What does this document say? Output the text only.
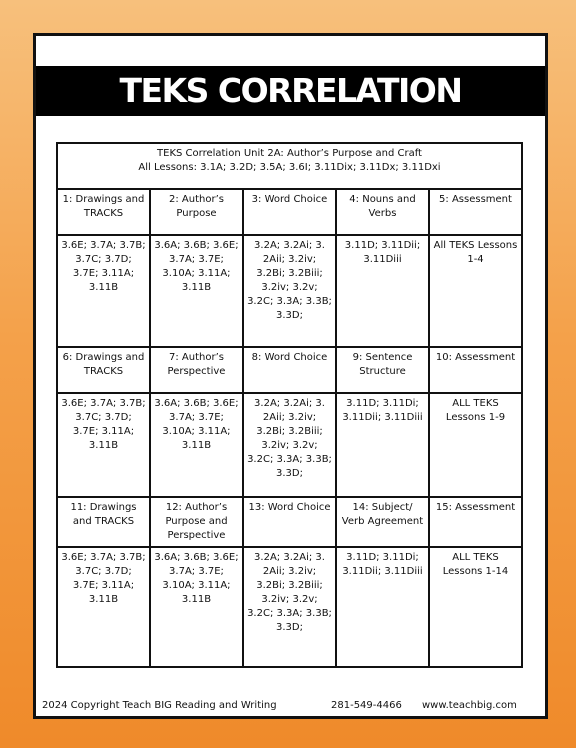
TEKS CORRELATION
TEKS Correlation Unit 2A: Author’s Purpose and Craft
All Lessons: 3.1A; 3.2D; 3.5A; 3.6I; 3.11Dix; 3.11Dx; 3.11Dxi				

1: Drawings and TRACKS	2: Author’s Purpose	3: Word Choice	4: Nouns and Verbs	5: Assessment
3.6E; 3.7A; 3.7B; 3.7C; 3.7D; 3.7E; 3.11A; 3.11B	3.6A; 3.6B; 3.6E; 3.7A; 3.7E; 3.10A; 3.11A; 3.11B	3.2A; 3.2Ai; 3. 2Aii; 3.2iv; 3.2Bi; 3.2Biii; 3.2iv; 3.2v; 3.2C; 3.3A; 3.3B; 3.3D;	3.11D; 3.11Dii; 3.11Diii	All TEKS Lessons 1-4
6: Drawings and TRACKS	7: Author’s Perspective	8: Word Choice	9: Sentence Structure	10: Assessment
3.6E; 3.7A; 3.7B; 3.7C; 3.7D; 3.7E; 3.11A; 3.11B	3.6A; 3.6B; 3.6E; 3.7A; 3.7E; 3.10A; 3.11A; 3.11B	3.2A; 3.2Ai; 3. 2Aii; 3.2iv; 3.2Bi; 3.2Biii; 3.2iv; 3.2v; 3.2C; 3.3A; 3.3B; 3.3D;	3.11D; 3.11Di; 3.11Dii; 3.11Diii	ALL TEKS Lessons 1-9
11: Drawings and TRACKS	12: Author’s Purpose and Perspective	13: Word Choice	14: Subject/ Verb Agreement	15: Assessment
3.6E; 3.7A; 3.7B; 3.7C; 3.7D; 3.7E; 3.11A; 3.11B	3.6A; 3.6B; 3.6E; 3.7A; 3.7E; 3.10A; 3.11A; 3.11B	3.2A; 3.2Ai; 3. 2Aii; 3.2iv; 3.2Bi; 3.2Biii; 3.2iv; 3.2v; 3.2C; 3.3A; 3.3B; 3.3D;	3.11D; 3.11Di; 3.11Dii; 3.11Diii	ALL TEKS Lessons 1-14
2024 Copyright Teach BIG Reading and Writing	281-549-4466 www.teachbig.com
